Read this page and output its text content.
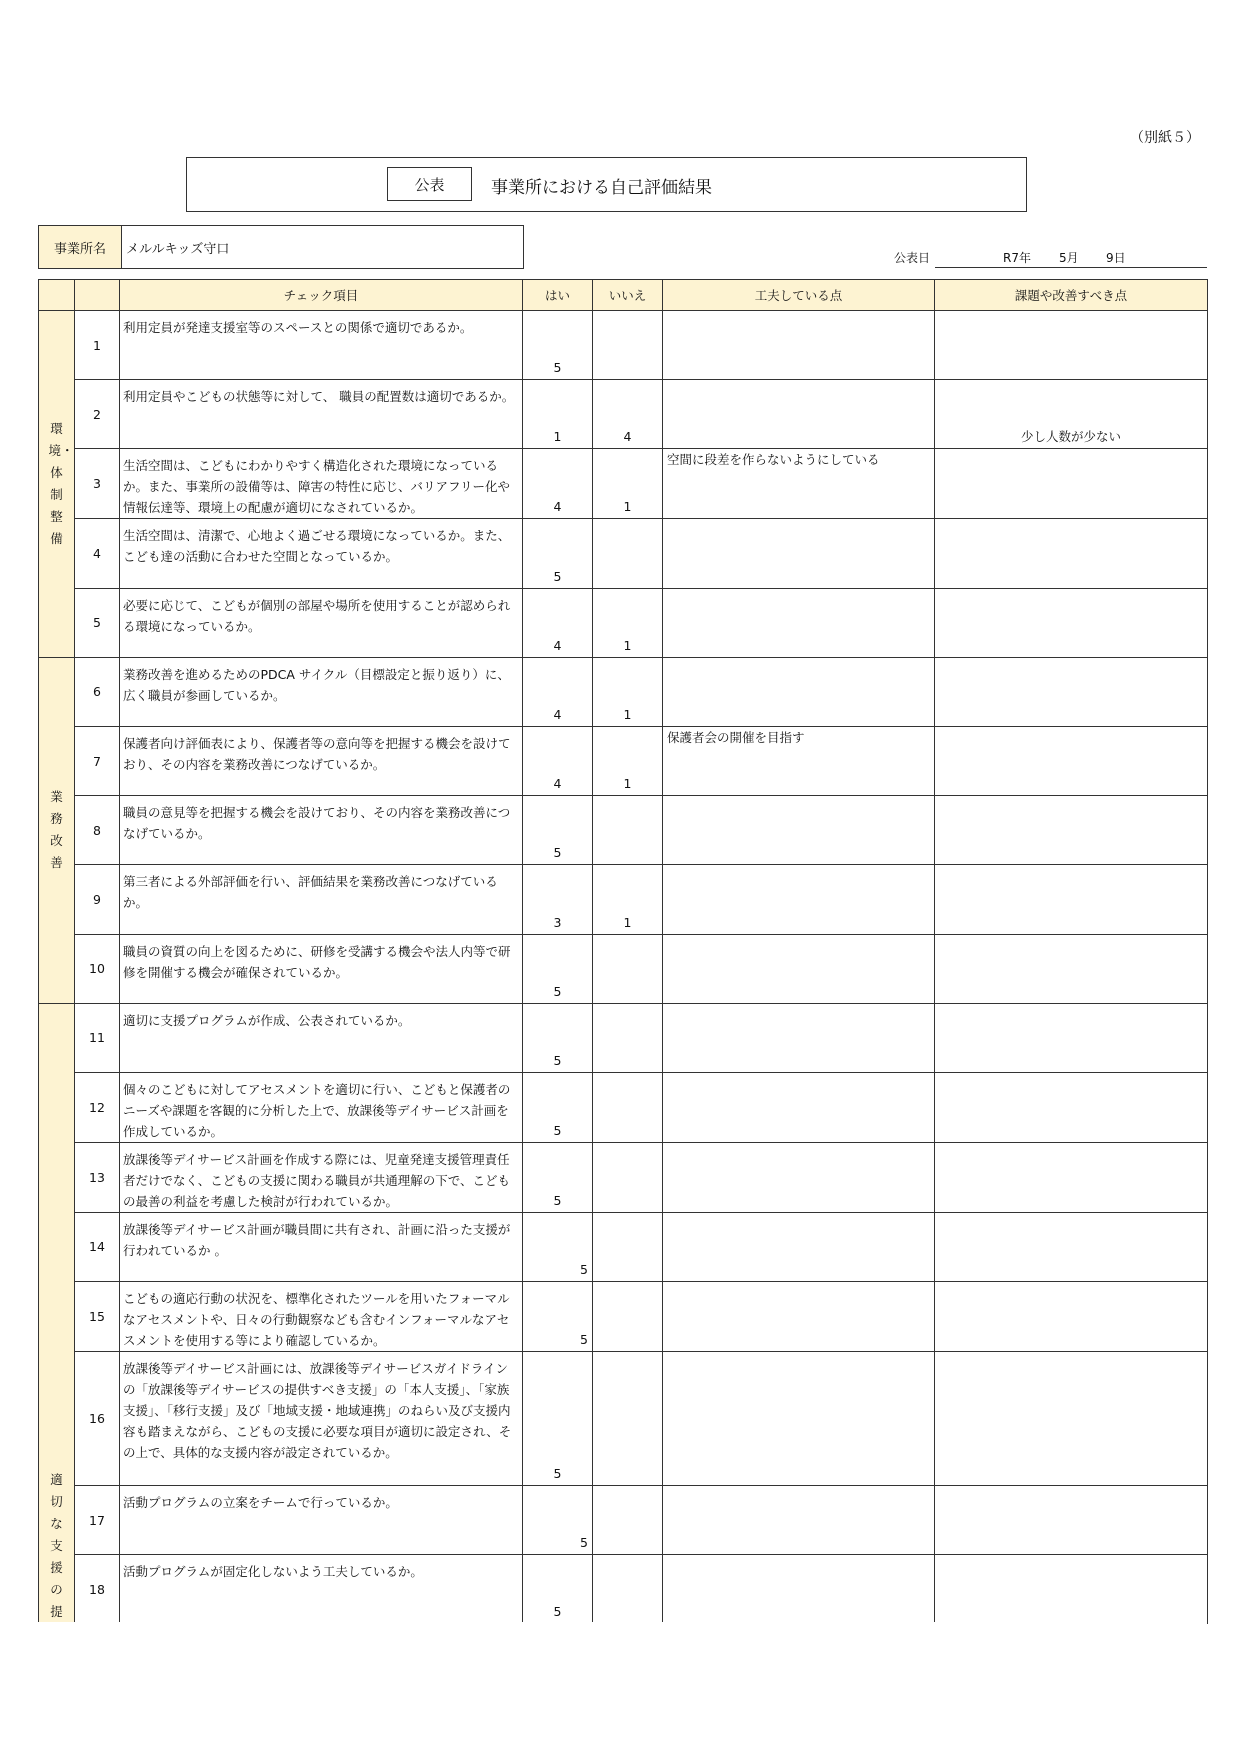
（別紙５）
公表	事業所における自己評価結果
事業所名	メルルキッズ守口
公表日	R7年 5月 9日
		チェック項目	はい	いいえ	工夫している点	課題や改善すべき点
環境・体制整備	1	利用定員が発達支援室等のスペースとの関係で適切であるか。	5			
	2	利用定員やこどもの状態等に対して、 職員の配置数は適切であるか。	1	4		少し人数が少ない
	3	生活空間は、こどもにわかりやすく構造化された環境になっているか。また、事業所の設備等は、障害の特性に応じ、バリアフリー化や情報伝達等、環境上の配慮が適切になされているか。	4	1	空間に段差を作らないようにしている	
	4	生活空間は、清潔で、心地よく過ごせる環境になっているか。また、こども達の活動に合わせた空間となっているか。	5			
	5	必要に応じて、こどもが個別の部屋や場所を使用することが認められる環境になっているか。	4	1		
業務改善	6	業務改善を進めるためのPDCA サイクル（目標設定と振り返り）に、広く職員が参画しているか。	4	1		
	7	保護者向け評価表により、保護者等の意向等を把握する機会を設けており、その内容を業務改善につなげているか。	4	1	保護者会の開催を目指す	
	8	職員の意見等を把握する機会を設けており、その内容を業務改善につなげているか。	5			
	9	第三者による外部評価を行い、評価結果を業務改善につなげているか。	3	1		
	10	職員の資質の向上を図るために、研修を受講する機会や法人内等で研修を開催する機会が確保されているか。	5			
適切な支援の提	11	適切に支援プログラムが作成、公表されているか。	5			
	12	個々のこどもに対してアセスメントを適切に行い、こどもと保護者のニーズや課題を客観的に分析した上で、放課後等デイサービス計画を作成しているか。	5			
	13	放課後等デイサービス計画を作成する際には、児童発達支援管理責任者だけでなく、こどもの支援に関わる職員が共通理解の下で、こどもの最善の利益を考慮した検討が行われているか。	5			
	14	放課後等デイサービス計画が職員間に共有され、計画に沿った支援が行われているか 。	5			
	15	こどもの適応行動の状況を、標準化されたツールを用いたフォーマルなアセスメントや、日々の行動観察なども含むインフォーマルなアセスメントを使用する等により確認しているか。	5			
	16	放課後等デイサービス計画には、放課後等デイサービスガイドラインの「放課後等デイサービスの提供すべき支援」の「本人支援」、「家族支援」、「移行支援」及び「地域支援・地域連携」のねらい及び支援内容も踏まえながら、こどもの支援に必要な項目が適切に設定され、その上で、具体的な支援内容が設定されているか。	5			
	17	活動プログラムの立案をチームで行っているか。	5			
	18	活動プログラムが固定化しないよう工夫しているか。	5			
